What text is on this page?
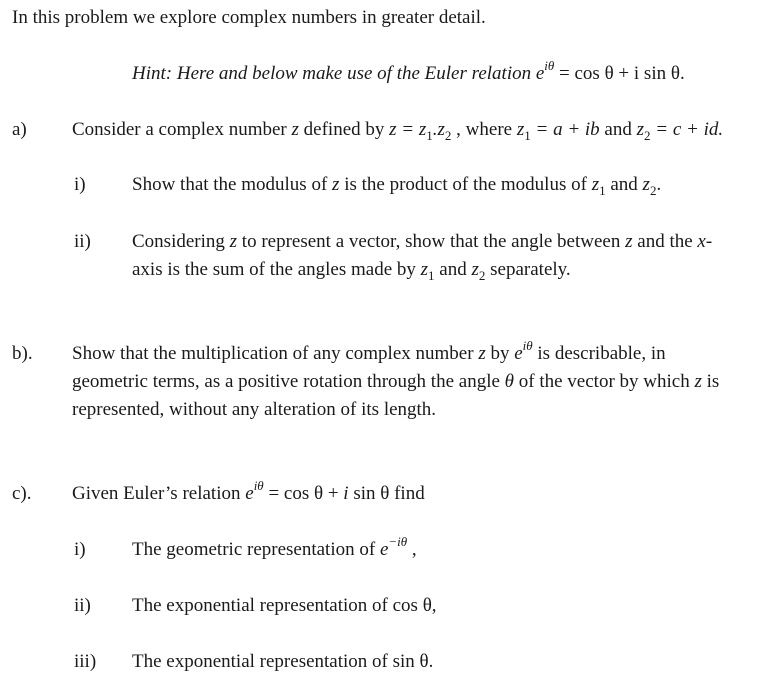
In this problem we explore complex numbers in greater detail.
Hint: Here and below make use of the Euler relation $e^{i\theta} = \cos \theta + i$ sin θ.
a) Consider a complex number z defined by $z = z_1.z_2$ , where $z_1 = a$ + ib and $z_2 = c$ + id.
i) Show that the modulus of z is the product of the modulus of $z_1$ and $z_2$.
ii) Considering z to represent a vector, show that the angle between z and the x-
axis is the sum of the angles made by $z_1$ and $z_2$ separately.
b). Show that the multiplication of any complex number z by $e^{i\theta}$ is describable, in
geometric terms, as a positive rotation through the angle θ of the vector by which z is
represented, without any alteration of its length.
c). Given Euler’s relation $e^{i\theta} = \cos \theta + i$ sin θ find
i) The geometric representation of $e^{-i\theta}$ ,
ii) The exponential representation of cos θ,
iii) The exponential representation of sin θ.
